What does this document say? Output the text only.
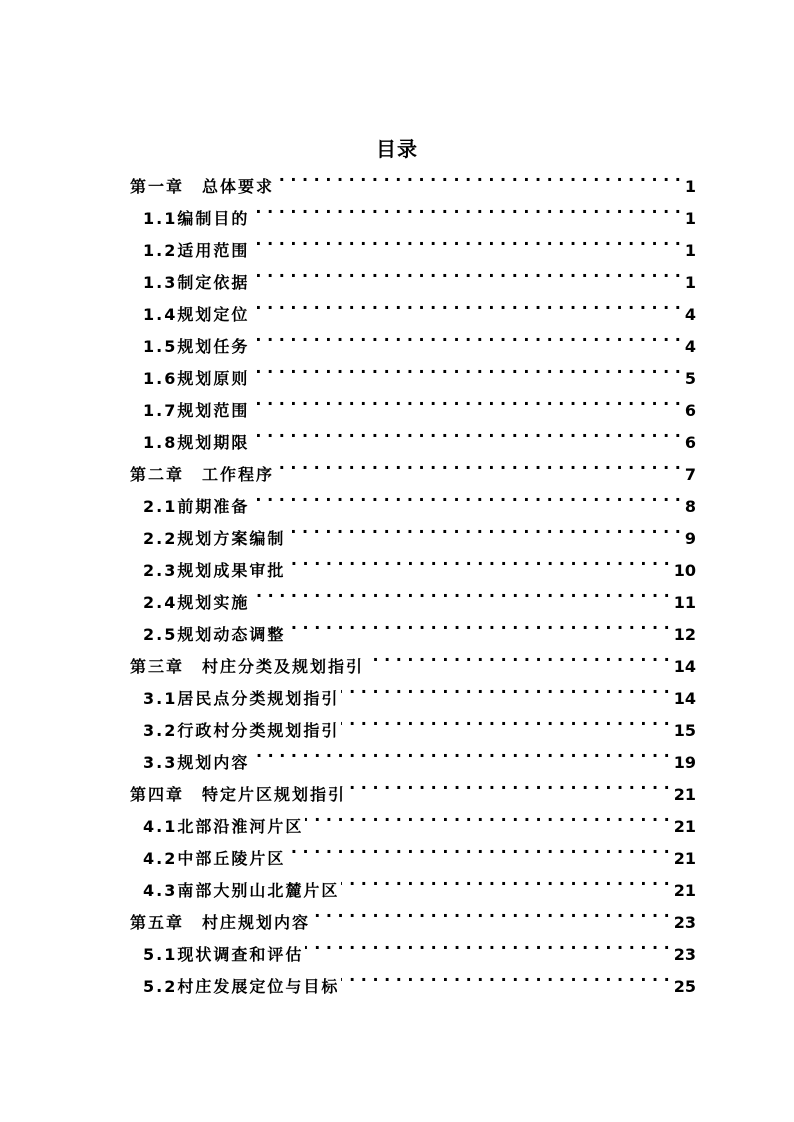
目录
第一章　总体要求 . . .	1
1.1编制目的 . . .	1
1.2适用范围 . . .	1
1.3制定依据 . . .	1
1.4规划定位 . . .	4
1.5规划任务 . . .	4
1.6规划原则 . . .	5
1.7规划范围 . . .	6
1.8规划期限 . . .	6
第二章　工作程序 . . .	7
2.1前期准备 . . .	8
2.2规划方案编制 . . .	9
2.3规划成果审批 . . .	10
2.4规划实施 . . .	11
2.5规划动态调整 . . .	12
第三章　村庄分类及规划指引 . . .	14
3.1居民点分类规划指引 . . .	14
3.2行政村分类规划指引 . . .	15
3.3规划内容 . . .	19
第四章　特定片区规划指引 . . .	21
4.1北部沿淮河片区 . . .	21
4.2中部丘陵片区 . . .	21
4.3南部大别山北麓片区 . . .	21
第五章　村庄规划内容 . . .	23
5.1现状调查和评估 . . .	23
5.2村庄发展定位与目标 . . .	25
